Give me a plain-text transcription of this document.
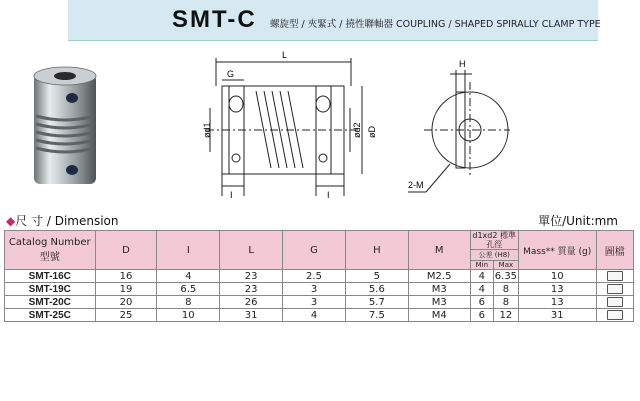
SMT-C 螺旋型 / 夾緊式 / 撓性聯軸器 COUPLING / SHAPED SPIRALLY CLAMP TYPE
L
G
I	I
ød1	ød2 øD
H
2-M
◆尺 寸 / Dimension	單位/Unit:mm
Catalog Number 型號	D	I	L	G	H	M	d1xd2 標準孔徑		Mass** 質量 (g)	圖檔
							公差 (H8)			
							Min	Max		
SMT-16C	16	4	23	2.5	5	M2.5	4	6.35	10	
SMT-19C	19	6.5	23	3	5.6	M3	4	8	13	
SMT-20C	20	8	26	3	5.7	M3	6	8	13	
SMT-25C	25	10	31	4	7.5	M4	6	12	31	
